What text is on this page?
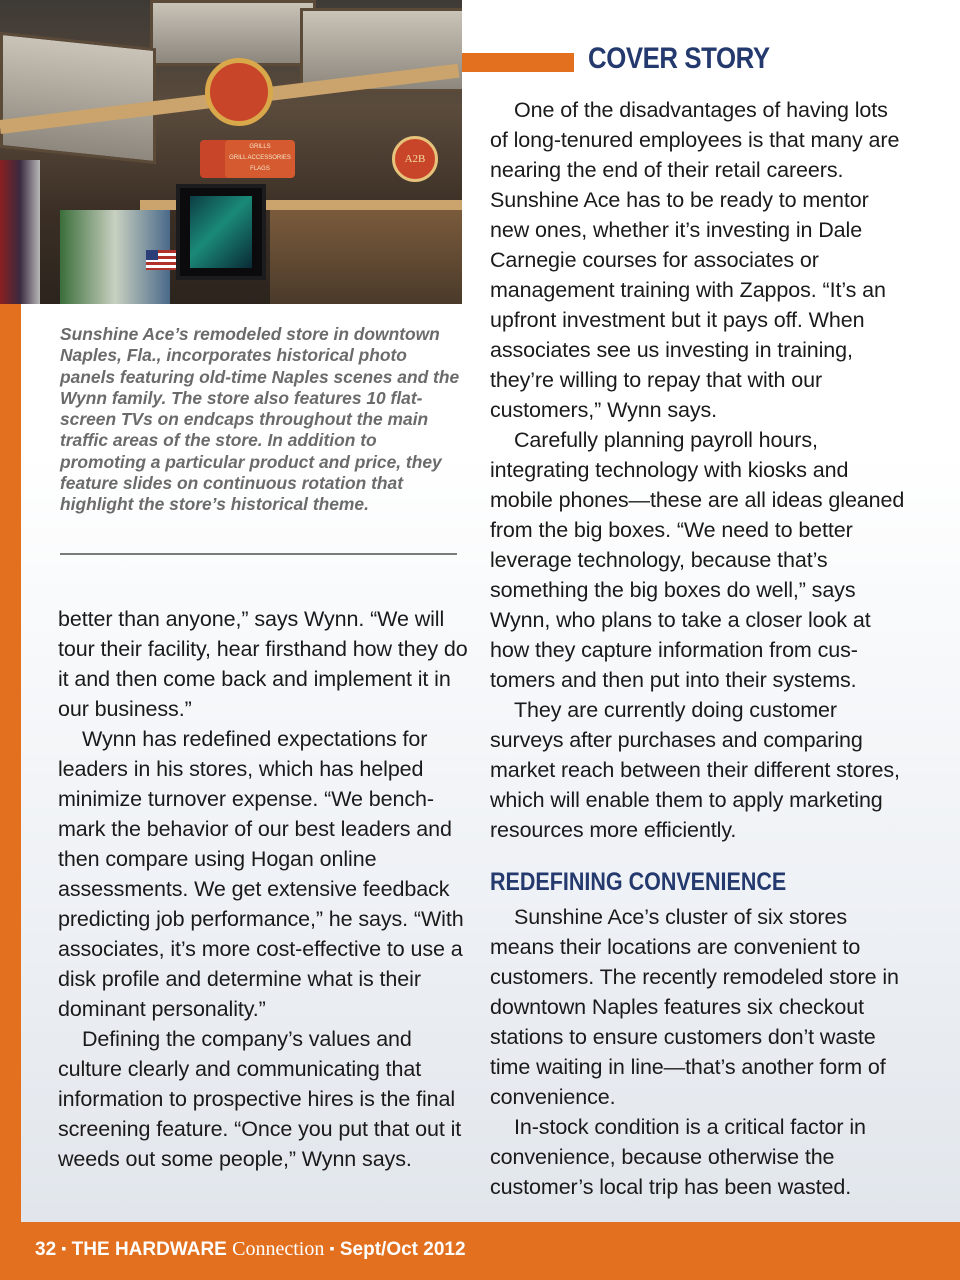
GRILLS
GRILL ACCESSORIES
FLAGS
A2B

Sunshine Ace’s remodeled store in downtown Naples, Fla., incorporates historical photo panels featuring old-time Naples scenes and the Wynn family. The store also features 10 flat-screen TVs on endcaps throughout the main traffic areas of the store. In addition to promoting a particular product and price, they feature slides on continuous rotation that highlight the store’s historical theme.

COVER STORY

better than anyone,” says Wynn. “We will tour their facility, hear firsthand how they do it and then come back and implement it in our business.”

Wynn has redefined expectations for leaders in his stores, which has helped minimize turnover expense. “We bench- mark the behavior of our best leaders and then compare using Hogan online assessments. We get extensive feedback predicting job performance,” he says. “With associates, it’s more cost-effective to use a disk profile and determine what is their dominant personality.”

Defining the company’s values and culture clearly and communicating that information to prospective hires is the final screening feature. “Once you put that out it weeds out some people,” Wynn says.

One of the disadvantages of having lots of long-tenured employees is that many are nearing the end of their retail careers. Sunshine Ace has to be ready to mentor new ones, whether it’s investing in Dale Carnegie courses for associates or management training with Zappos. “It’s an upfront investment but it pays off. When associates see us investing in training, they’re willing to repay that with our customers,” Wynn says.

Carefully planning payroll hours, integrating technology with kiosks and mobile phones—these are all ideas gleaned from the big boxes. “We need to better leverage technology, because that’s something the big boxes do well,” says Wynn, who plans to take a closer look at how they capture information from cus- tomers and then put into their systems.

They are currently doing customer surveys after purchases and comparing market reach between their different stores, which will enable them to apply marketing resources more efficiently.

REDEFINING CONVENIENCE

Sunshine Ace’s cluster of six stores means their locations are convenient to customers. The recently remodeled store in downtown Naples features six checkout stations to ensure customers don’t waste time waiting in line—that’s another form of convenience.

In-stock condition is a critical factor in convenience, because otherwise the customer’s local trip has been wasted.

32 ▪ THE HARDWARE Connection ▪ Sept/Oct 2012
